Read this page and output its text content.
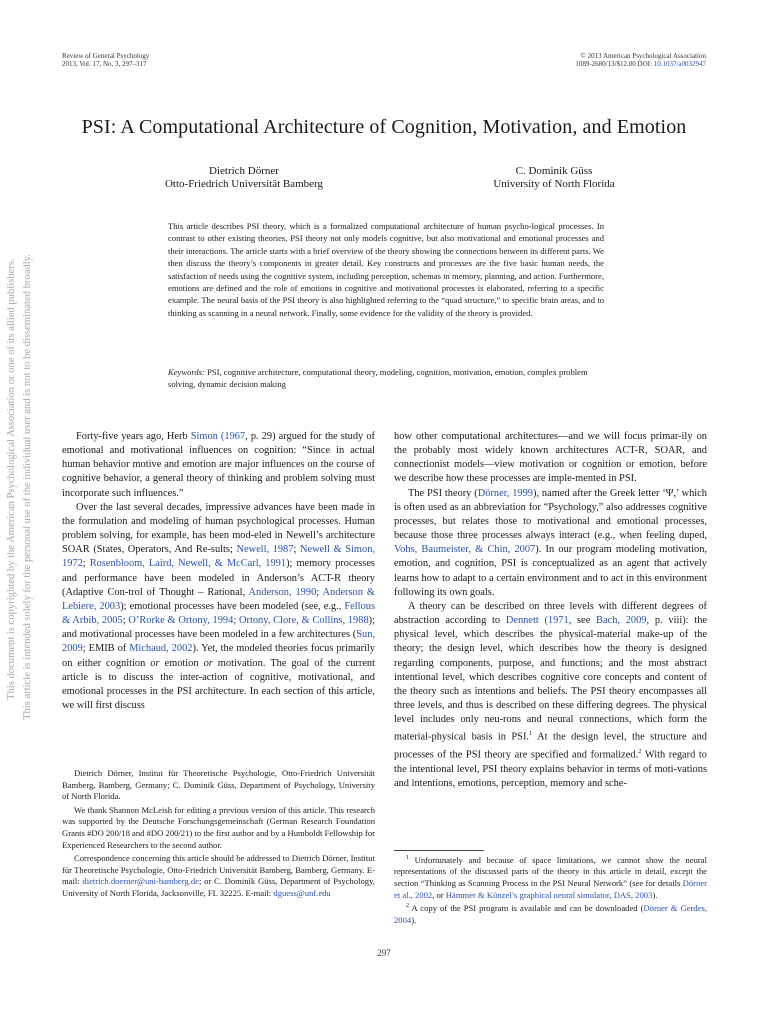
This document is copyrighted by the American Psychological Association or one of its allied publishers. This article is intended solely for the personal use of the individual user and is not to be disseminated broadly.
Review of General Psychology
2013, Vol. 17, No. 3, 297–317
© 2013 American Psychological Association
1089-2680/13/$12.00 DOI: 10.1037/a0032947
PSI: A Computational Architecture of Cognition, Motivation, and Emotion
Dietrich Dörner
Otto-Friedrich Universität Bamberg
C. Dominik Güss
University of North Florida
This article describes PSI theory, which is a formalized computational architecture of human psycho-logical processes. In contrast to other existing theories, PSI theory not only models cognitive, but also motivational and emotional processes and their interactions. The article starts with a brief overview of the theory showing the connections between its different parts. We then discuss the theory’s components in greater detail. Key constructs and processes are the five basic human needs, the satisfaction of needs using the cognitive system, including perception, schemas in memory, planning, and action. Furthermore, emotions are defined and the role of emotions in cognitive and motivational processes is elaborated, referring to a specific example. The neural basis of the PSI theory is also highlighted referring to the “quad structure,” to specific brain areas, and to thinking as scanning in a neural network. Finally, some evidence for the validity of the theory is provided.
Keywords: PSI, cognitive architecture, computational theory, modeling, cognition, motivation, emotion, complex problem solving, dynamic decision making

Forty-five years ago, Herb Simon (1967, p. 29) argued for the study of emotional and motivational influences on cognition: “Since in actual human behavior motive and emotion are major influences on the course of cognitive behavior, a general theory of thinking and problem solving must incorporate such influences.”

Over the last several decades, impressive advances have been made in the formulation and modeling of human psychological processes. Human problem solving, for example, has been mod-eled in Newell’s architecture SOAR (States, Operators, And Re-sults; Newell, 1987; Newell & Simon, 1972; Rosenbloom, Laird, Newell, & McCarl, 1991); memory processes and performance have been modeled in Anderson’s ACT-R theory (Adaptive Con-trol of Thought – Rational, Anderson, 1990; Anderson & Lebiere, 2003); emotional processes have been modeled (see, e.g., Fellous & Arbib, 2005; O’Rorke & Ortony, 1994; Ortony, Clore, & Collins, 1988); and motivational processes have been modeled in a few architectures (Sun, 2009; EMIB of Michaud, 2002). Yet, the modeled theories focus primarily on either cognition or emotion or motivation. The goal of the current article is to discuss the inter-action of cognitive, motivational, and emotional processes in the PSI architecture. In each section of this article, we will first discuss

Dietrich Dörner, Institut für Theoretische Psychologie, Otto-Friedrich Universität Bamberg, Bamberg, Germany; C. Dominik Güss, Department of Psychology, University of North Florida.

We thank Shannon McLeish for editing a previous version of this article. This research was supported by the Deutsche Forschungsgemeinschaft (German Research Foundation Grants #DO 200/18 and #DO 200/21) to the first author and by a Humboldt Fellowship for Experienced Researchers to the second author.

Correspondence concerning this article should be addressed to Dietrich Dörner, Institut für Theoretische Psychologie, Otto-Friedrich Universität Bamberg, Bamberg, Germany. E-mail: dietrich.doerner@uni-bamberg.de; or C. Dominik Güss, Department of Psychology, University of North Florida, Jacksonville, FL 32225. E-mail: dguess@unf.edu

how other computational architectures—and we will focus primar-ily on the probably most widely known architectures ACT-R, SOAR, and connectionist models—view motivation or cognition or emotion, before we describe how these processes are imple-mented in PSI.

The PSI theory (Dörner, 1999), named after the Greek letter ‘Ψ,’ which is often used as an abbreviation for “Psychology,” also addresses cognitive processes, but relates those to motivational and emotional processes, because those three processes always interact (e.g., when feeling duped, Vohs, Baumeister, & Chin, 2007). In our program modeling motivation, emotion, and cognition, PSI is conceptualized as an agent that actively learns how to adapt to a certain environment and to act in this environment following its own goals.

A theory can be described on three levels with different degrees of abstraction according to Dennett (1971, see Bach, 2009, p. viii): the physical level, which describes the physical-material make-up of the theory; the design level, which describes how the theory is designed regarding components, purpose, and functions; and the most abstract intentional level, which describes cognitive core concepts and content of the theory such as intentions and beliefs. The PSI theory encompasses all three levels, and thus is described on these differing degrees. The physical level includes only neu-rons and neural connections, which form the material-physical basis in PSI.$^1$ At the design level, the structure and processes of the PSI theory are specified and formalized.$^2$ With regard to the intentional level, PSI theory explains behavior in terms of moti-vations and intentions, emotions, perception, memory and sche-

$^1$ Unfortunately and because of space limitations, we cannot show the neural representations of the discussed parts of the theory in this article in detail, except the section “Thinking as Scanning Process in the PSI Neural Network” (see for details Dörner et al., 2002, or Hämmer & Künzel’s graphical neural simulator, DAS, 2003).

$^2$ A copy of the PSI program is available and can be downloaded (Dörner & Gerdes, 2004).

297
